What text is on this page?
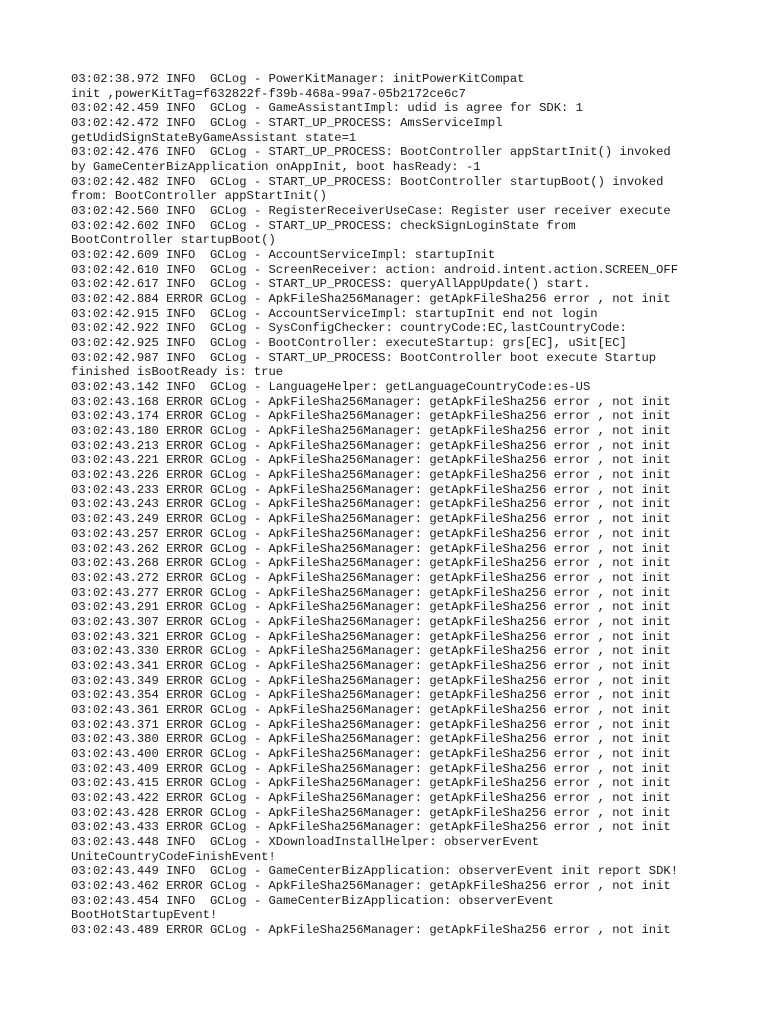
03:02:38.972 INFO  GCLog - PowerKitManager: initPowerKitCompat
init ,powerKitTag=f632822f-f39b-468a-99a7-05b2172ce6c7
03:02:42.459 INFO  GCLog - GameAssistantImpl: udid is agree for SDK: 1
03:02:42.472 INFO  GCLog - START_UP_PROCESS: AmsServiceImpl
getUdidSignStateByGameAssistant state=1
03:02:42.476 INFO  GCLog - START_UP_PROCESS: BootController appStartInit() invoked
by GameCenterBizApplication onAppInit, boot hasReady: -1
03:02:42.482 INFO  GCLog - START_UP_PROCESS: BootController startupBoot() invoked
from: BootController appStartInit()
03:02:42.560 INFO  GCLog - RegisterReceiverUseCase: Register user receiver execute
03:02:42.602 INFO  GCLog - START_UP_PROCESS: checkSignLoginState from
BootController startupBoot()
03:02:42.609 INFO  GCLog - AccountServiceImpl: startupInit
03:02:42.610 INFO  GCLog - ScreenReceiver: action: android.intent.action.SCREEN_OFF
03:02:42.617 INFO  GCLog - START_UP_PROCESS: queryAllAppUpdate() start.
03:02:42.884 ERROR GCLog - ApkFileSha256Manager: getApkFileSha256 error , not init
03:02:42.915 INFO  GCLog - AccountServiceImpl: startupInit end not login
03:02:42.922 INFO  GCLog - SysConfigChecker: countryCode:EC,lastCountryCode:
03:02:42.925 INFO  GCLog - BootController: executeStartup: grs[EC], uSit[EC]
03:02:42.987 INFO  GCLog - START_UP_PROCESS: BootController boot execute Startup
finished isBootReady is: true
03:02:43.142 INFO  GCLog - LanguageHelper: getLanguageCountryCode:es-US
03:02:43.168 ERROR GCLog - ApkFileSha256Manager: getApkFileSha256 error , not init
03:02:43.174 ERROR GCLog - ApkFileSha256Manager: getApkFileSha256 error , not init
03:02:43.180 ERROR GCLog - ApkFileSha256Manager: getApkFileSha256 error , not init
03:02:43.213 ERROR GCLog - ApkFileSha256Manager: getApkFileSha256 error , not init
03:02:43.221 ERROR GCLog - ApkFileSha256Manager: getApkFileSha256 error , not init
03:02:43.226 ERROR GCLog - ApkFileSha256Manager: getApkFileSha256 error , not init
03:02:43.233 ERROR GCLog - ApkFileSha256Manager: getApkFileSha256 error , not init
03:02:43.243 ERROR GCLog - ApkFileSha256Manager: getApkFileSha256 error , not init
03:02:43.249 ERROR GCLog - ApkFileSha256Manager: getApkFileSha256 error , not init
03:02:43.257 ERROR GCLog - ApkFileSha256Manager: getApkFileSha256 error , not init
03:02:43.262 ERROR GCLog - ApkFileSha256Manager: getApkFileSha256 error , not init
03:02:43.268 ERROR GCLog - ApkFileSha256Manager: getApkFileSha256 error , not init
03:02:43.272 ERROR GCLog - ApkFileSha256Manager: getApkFileSha256 error , not init
03:02:43.277 ERROR GCLog - ApkFileSha256Manager: getApkFileSha256 error , not init
03:02:43.291 ERROR GCLog - ApkFileSha256Manager: getApkFileSha256 error , not init
03:02:43.307 ERROR GCLog - ApkFileSha256Manager: getApkFileSha256 error , not init
03:02:43.321 ERROR GCLog - ApkFileSha256Manager: getApkFileSha256 error , not init
03:02:43.330 ERROR GCLog - ApkFileSha256Manager: getApkFileSha256 error , not init
03:02:43.341 ERROR GCLog - ApkFileSha256Manager: getApkFileSha256 error , not init
03:02:43.349 ERROR GCLog - ApkFileSha256Manager: getApkFileSha256 error , not init
03:02:43.354 ERROR GCLog - ApkFileSha256Manager: getApkFileSha256 error , not init
03:02:43.361 ERROR GCLog - ApkFileSha256Manager: getApkFileSha256 error , not init
03:02:43.371 ERROR GCLog - ApkFileSha256Manager: getApkFileSha256 error , not init
03:02:43.380 ERROR GCLog - ApkFileSha256Manager: getApkFileSha256 error , not init
03:02:43.400 ERROR GCLog - ApkFileSha256Manager: getApkFileSha256 error , not init
03:02:43.409 ERROR GCLog - ApkFileSha256Manager: getApkFileSha256 error , not init
03:02:43.415 ERROR GCLog - ApkFileSha256Manager: getApkFileSha256 error , not init
03:02:43.422 ERROR GCLog - ApkFileSha256Manager: getApkFileSha256 error , not init
03:02:43.428 ERROR GCLog - ApkFileSha256Manager: getApkFileSha256 error , not init
03:02:43.433 ERROR GCLog - ApkFileSha256Manager: getApkFileSha256 error , not init
03:02:43.448 INFO  GCLog - XDownloadInstallHelper: observerEvent
UniteCountryCodeFinishEvent!
03:02:43.449 INFO  GCLog - GameCenterBizApplication: observerEvent init report SDK!
03:02:43.462 ERROR GCLog - ApkFileSha256Manager: getApkFileSha256 error , not init
03:02:43.454 INFO  GCLog - GameCenterBizApplication: observerEvent
BootHotStartupEvent!
03:02:43.489 ERROR GCLog - ApkFileSha256Manager: getApkFileSha256 error , not init
